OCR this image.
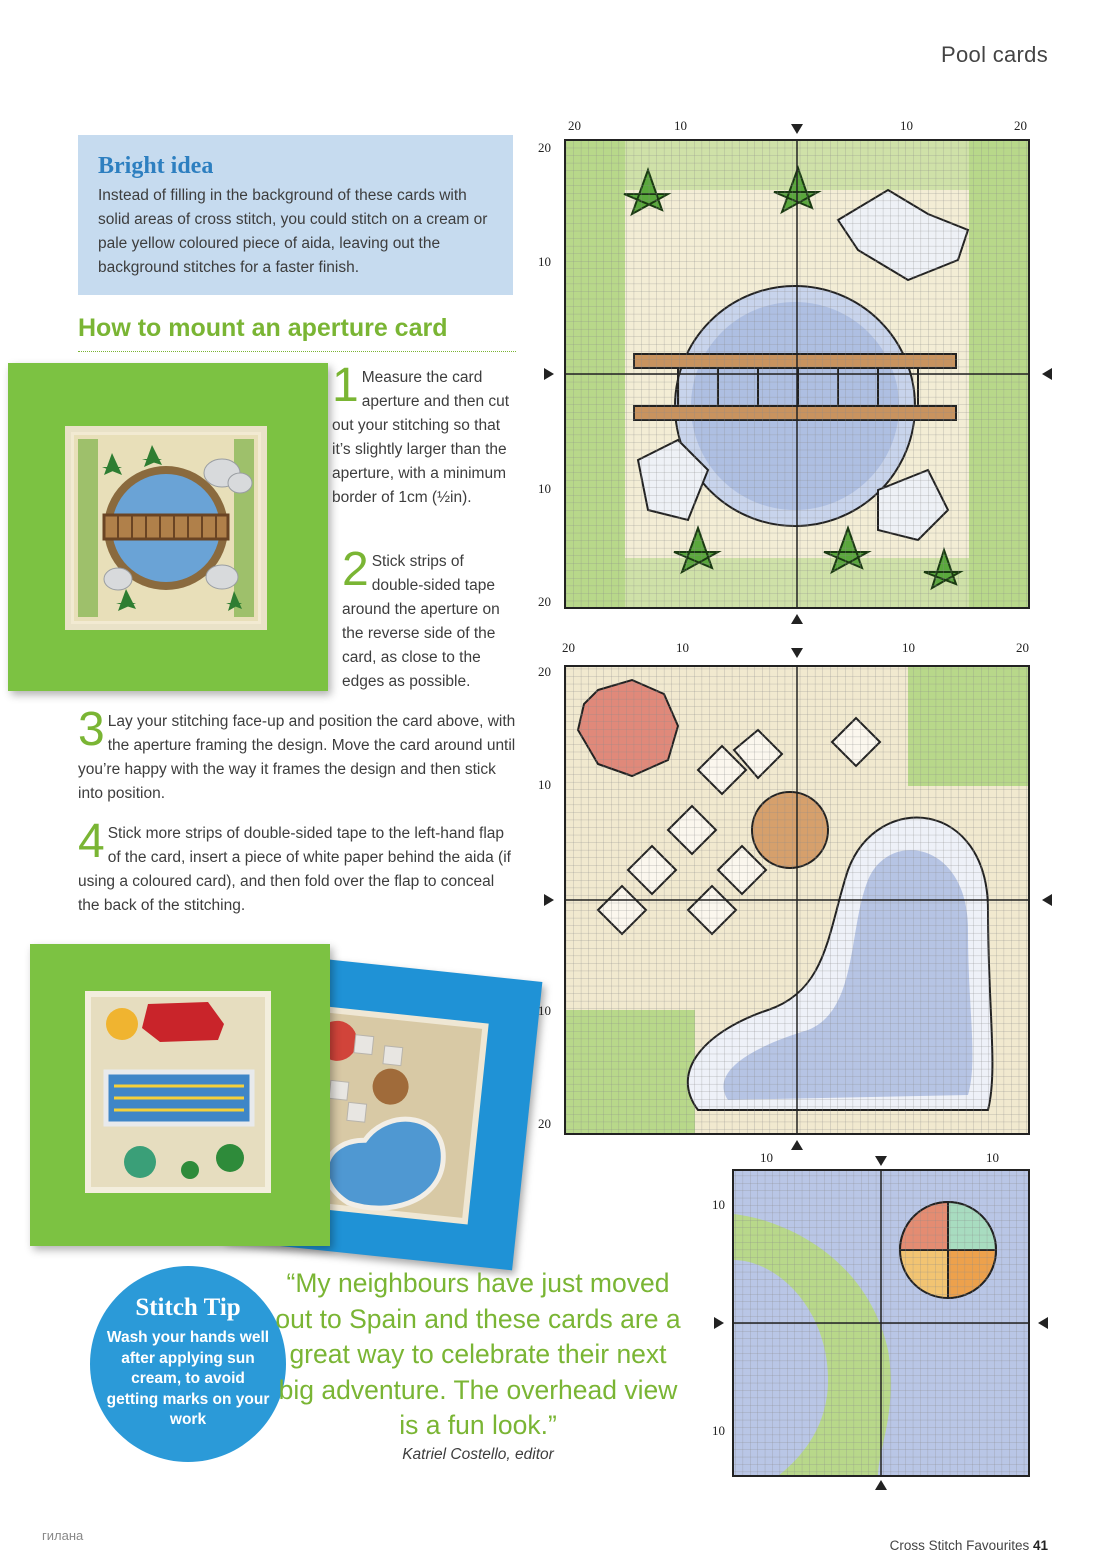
Pool cards
Bright idea

Instead of filling in the background of these cards with solid areas of cross stitch, you could stitch on a cream or pale yellow coloured piece of aida, leaving out the background stitches for a faster finish.

How to mount an aperture card
1 Measure the card aperture and then cut out your stitching so that it’s slightly larger than the aperture, with a minimum border of 1cm (½in).
2 Stick strips of double-sided tape around the aperture on the reverse side of the card, as close to the edges as possible.
3 Lay your stitching face-up and position the card above, with the aperture framing the design. Move the card around until you’re happy with the way it frames the design and then stick into position.
4 Stick more strips of double-sided tape to the left-hand flap of the card, insert a piece of white paper behind the aida (if using a coloured card), and then fold over the flap to conceal the back of the stitching.
Stitch Tip

Wash your hands well after applying sun cream, to avoid getting marks on your work

“My neighbours have just moved out to Spain and these cards are a great way to celebrate their next big adventure. The overhead view is a fun look.”
Katriel Costello, editor
20	10	10	20
20
10
10
20
20	10	10	20
20
10
10
20
10	10
10
10
Cross Stitch Favourites 41
гилана
